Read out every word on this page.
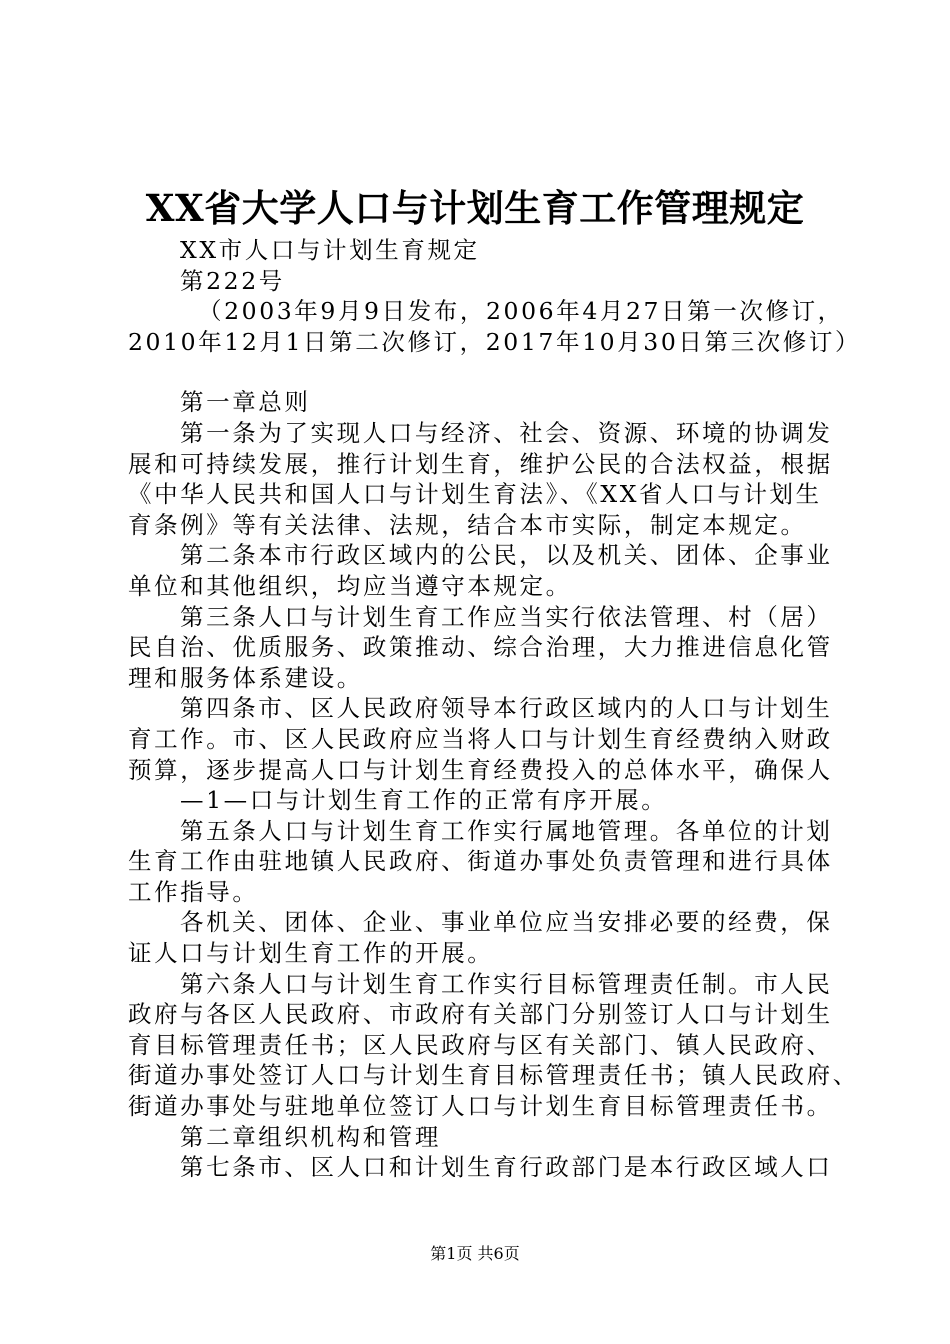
XX省大学人口与计划生育工作管理规定
XX市人口与计划生育规定
第222号
（2003年9月9日发布，2006年4月27日第一次修订，
2010年12月1日第二次修订，2017年10月30日第三次修订）
第一章总则
第一条为了实现人口与经济、社会、资源、环境的协调发
展和可持续发展，推行计划生育，维护公民的合法权益，根据
《中华人民共和国人口与计划生育法》、《XX省人口与计划生
育条例》等有关法律、法规，结合本市实际，制定本规定。
第二条本市行政区域内的公民，以及机关、团体、企事业
单位和其他组织，均应当遵守本规定。
第三条人口与计划生育工作应当实行依法管理、村（居）
民自治、优质服务、政策推动、综合治理，大力推进信息化管
理和服务体系建设。
第四条市、区人民政府领导本行政区域内的人口与计划生
育工作。市、区人民政府应当将人口与计划生育经费纳入财政
预算，逐步提高人口与计划生育经费投入的总体水平，确保人
—1—口与计划生育工作的正常有序开展。
第五条人口与计划生育工作实行属地管理。各单位的计划
生育工作由驻地镇人民政府、街道办事处负责管理和进行具体
工作指导。
各机关、团体、企业、事业单位应当安排必要的经费，保
证人口与计划生育工作的开展。
第六条人口与计划生育工作实行目标管理责任制。市人民
政府与各区人民政府、市政府有关部门分别签订人口与计划生
育目标管理责任书；区人民政府与区有关部门、镇人民政府、
街道办事处签订人口与计划生育目标管理责任书；镇人民政府、
街道办事处与驻地单位签订人口与计划生育目标管理责任书。
第二章组织机构和管理
第七条市、区人口和计划生育行政部门是本行政区域人口
第1页 共6页
